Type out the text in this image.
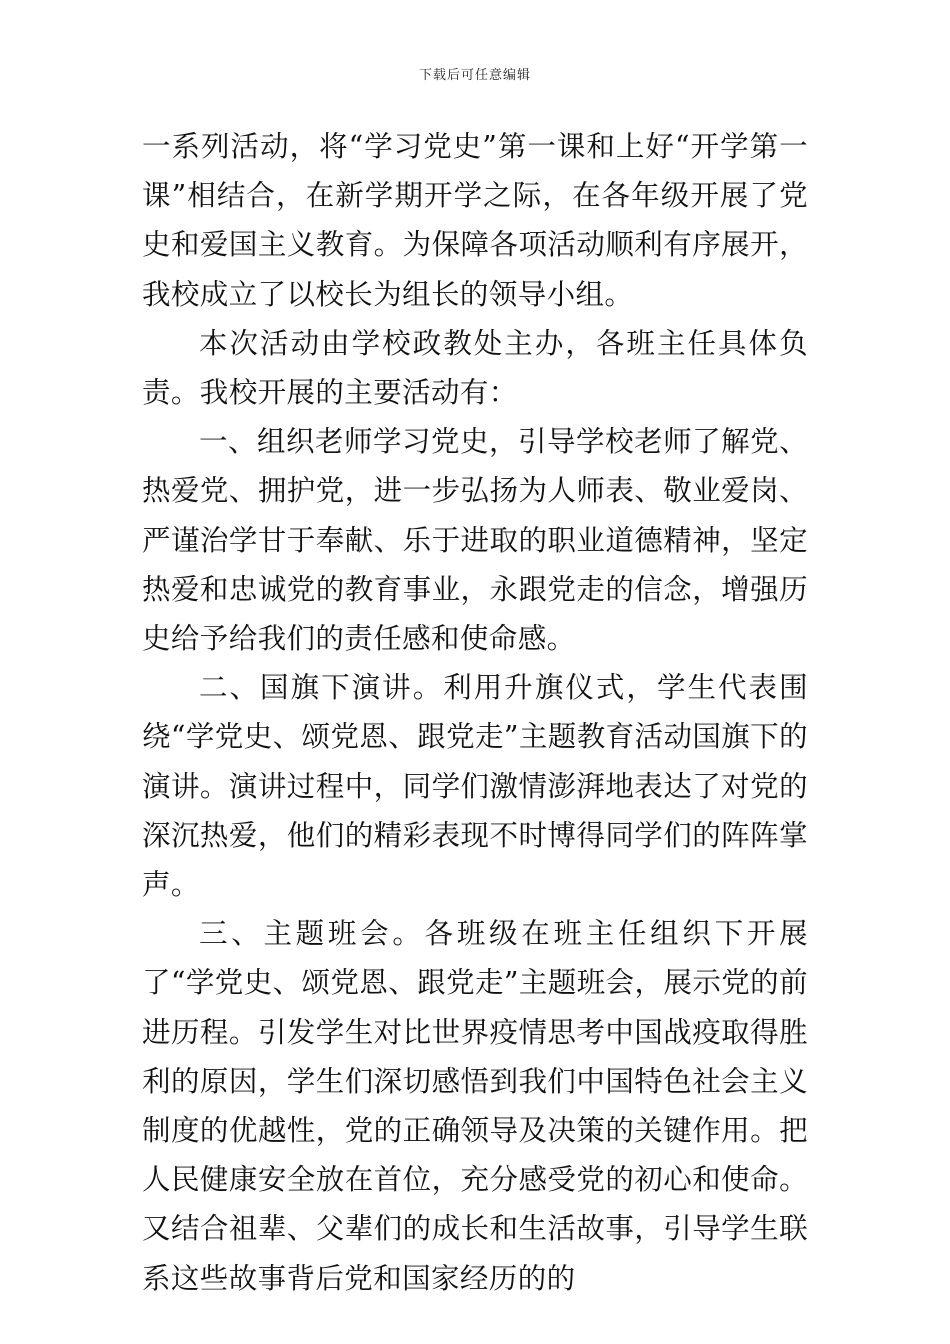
下载后可任意编辑

一系列活动，将“学习党史”第一课和上好“开学第一课”相结合，在新学期开学之际，在各年级开展了党史和爱国主义教育。为保障各项活动顺利有序展开，我校成立了以校长为组长的领导小组。

本次活动由学校政教处主办，各班主任具体负责。我校开展的主要活动有：

一、组织老师学习党史，引导学校老师了解党、热爱党、拥护党，进一步弘扬为人师表、敬业爱岗、严谨治学甘于奉献、乐于进取的职业道德精神，坚定热爱和忠诚党的教育事业，永跟党走的信念，增强历史给予给我们的责任感和使命感。

二、国旗下演讲。利用升旗仪式，学生代表围绕“学党史、颂党恩、跟党走”主题教育活动国旗下的演讲。演讲过程中，同学们激情澎湃地表达了对党的深沉热爱，他们的精彩表现不时博得同学们的阵阵掌声。

三、主题班会。各班级在班主任组织下开展了“学党史、颂党恩、跟党走”主题班会，展示党的前进历程。引发学生对比世界疫情思考中国战疫取得胜利的原因，学生们深切感悟到我们中国特色社会主义制度的优越性，党的正确领导及决策的关键作用。把人民健康安全放在首位，充分感受党的初心和使命。又结合祖辈、父辈们的成长和生活故事，引导学生联系这些故事背后党和国家经历的的
